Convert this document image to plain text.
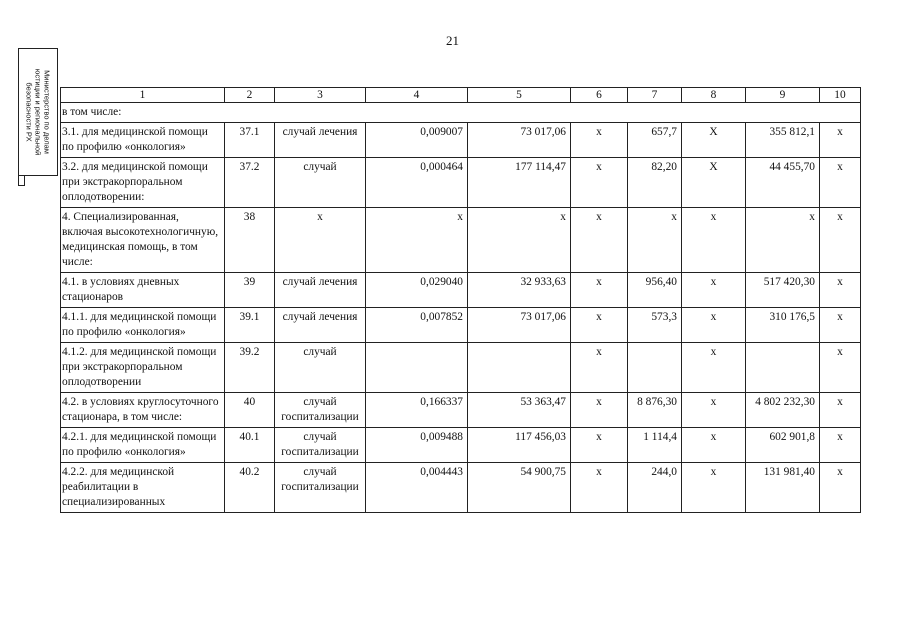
21
Министерство по делам
юстиции и региональной
безопасности РХ	1	2	3	4	5	6	7	8	9	10
в том числе:									
3.1. для медицинской помощи по профилю «онкология»	37.1	случай лечения	0,009007	73 017,06	x	657,7	X	355 812,1	x
3.2. для медицинской помощи при экстракорпоральном оплодотворении:	37.2	случай	0,000464	177 114,47	x	82,20	X	44 455,70	x
4. Специализированная, включая высокотехнологичную, медицинская помощь, в том числе:	38	x	x	x	x	x	x	x	x
4.1. в условиях дневных стационаров	39	случай лечения	0,029040	32 933,63	x	956,40	x	517 420,30	x
4.1.1. для медицинской помощи по профилю «онкология»	39.1	случай лечения	0,007852	73 017,06	x	573,3	x	310 176,5	x
4.1.2. для медицинской помощи при экстракорпоральном оплодотворении	39.2	случай			x		x		x
4.2. в условиях круглосуточного стационара, в том числе:	40	случай госпитализации	0,166337	53 363,47	x	8 876,30	x	4 802 232,30	x
4.2.1. для медицинской помощи по профилю «онкология»	40.1	случай госпитализации	0,009488	117 456,03	x	1 114,4	x	602 901,8	x
4.2.2. для медицинской реабилитации в специализированных	40.2	случай госпитализации	0,004443	54 900,75	x	244,0	x	131 981,40	x
